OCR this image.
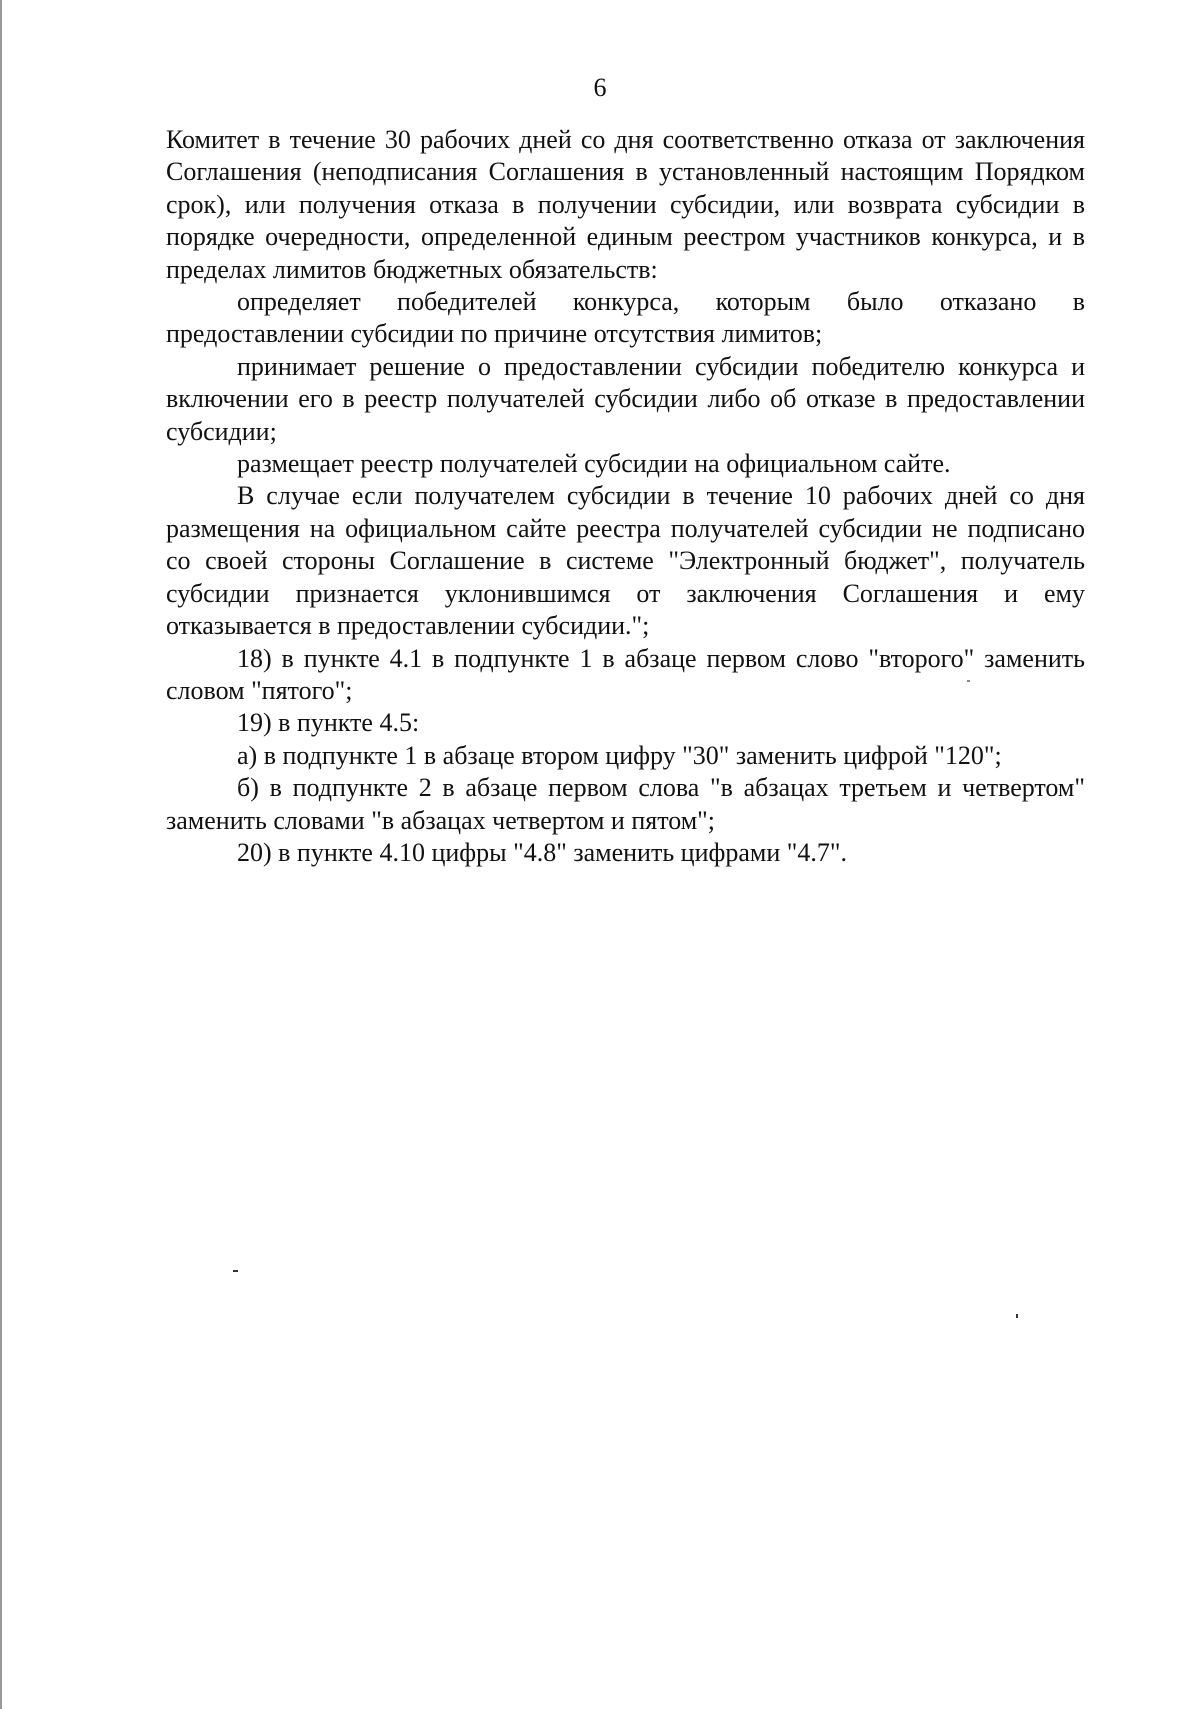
6

Комитет в течение 30 рабочих дней со дня соответственно отказа от заключения Соглашения (неподписания Соглашения в установленный настоящим Порядком срок), или получения отказа в получении субсидии, или возврата субсидии в порядке очередности, определенной единым реестром участников конкурса, и в пределах лимитов бюджетных обязательств:

определяет победителей конкурса, которым было отказано в предоставлении субсидии по причине отсутствия лимитов;

принимает решение о предоставлении субсидии победителю конкурса и включении его в реестр получателей субсидии либо об отказе в предоставлении субсидии;

размещает реестр получателей субсидии на официальном сайте.

В случае если получателем субсидии в течение 10 рабочих дней со дня размещения на официальном сайте реестра получателей субсидии не подписано со своей стороны Соглашение в системе "Электронный бюджет", получатель субсидии признается уклонившимся от заключения Соглашения и ему отказывается в предоставлении субсидии.";

18) в пункте 4.1 в подпункте 1 в абзаце первом слово "второго" заменить словом "пятого";

19) в пункте 4.5:

а) в подпункте 1 в абзаце втором цифру "30" заменить цифрой "120";

б) в подпункте 2 в абзаце первом слова "в абзацах третьем и четвертом" заменить словами "в абзацах четвертом и пятом";

20) в пункте 4.10 цифры "4.8" заменить цифрами "4.7".
